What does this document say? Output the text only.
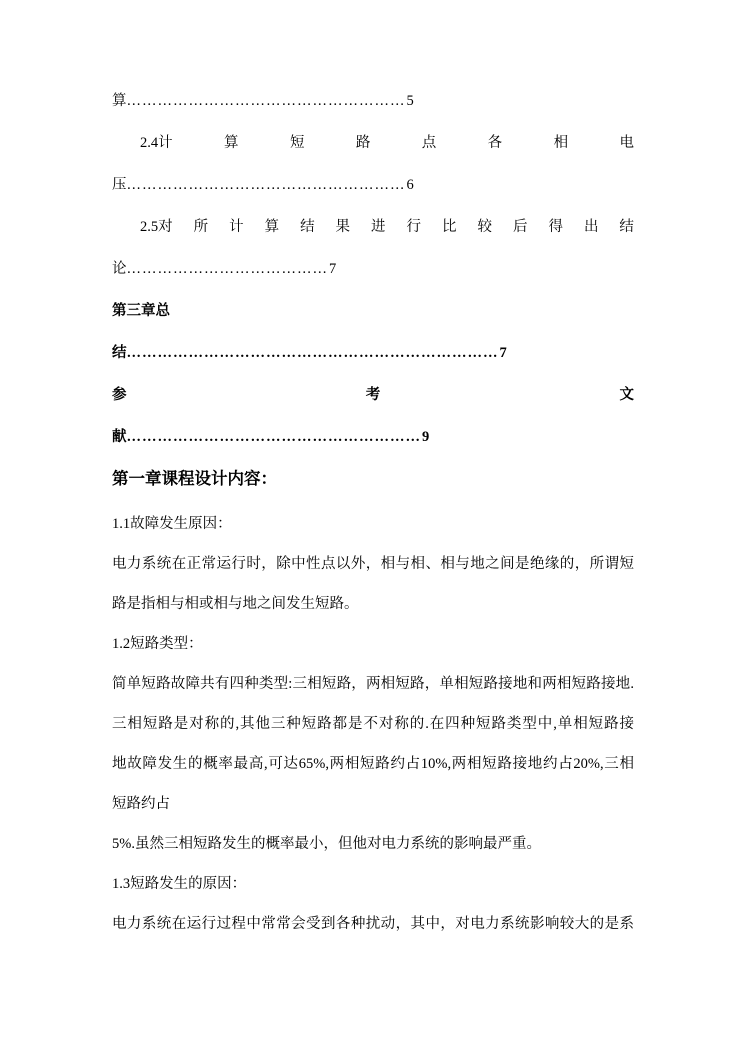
算………………………………………………5

2.4计	算	短	路	点	各	相	电

压………………………………………………6

2.5对 所 计 算 结 果 进 行 比 较 后 得 出 结

论…………………………………7

第三章总

结………………………………………………………………7

参	考	文

献…………………………………………………9

第一章课程设计内容：

1.1故障发生原因：

电力系统在正常运行时，除中性点以外，相与相、相与地之间是绝缘的，所谓短

路是指相与相或相与地之间发生短路。

1.2短路类型：

简单短路故障共有四种类型:三相短路，两相短路，单相短路接地和两相短路接地.

三相短路是对称的,其他三种短路都是不对称的.在四种短路类型中,单相短路接

地故障发生的概率最高,可达65%,两相短路约占10%,两相短路接地约占20%,三相

短路约占

5%.虽然三相短路发生的概率最小，但他对电力系统的影响最严重。

1.3短路发生的原因：

电力系统在运行过程中常常会受到各种扰动，其中，对电力系统影响较大的是系
